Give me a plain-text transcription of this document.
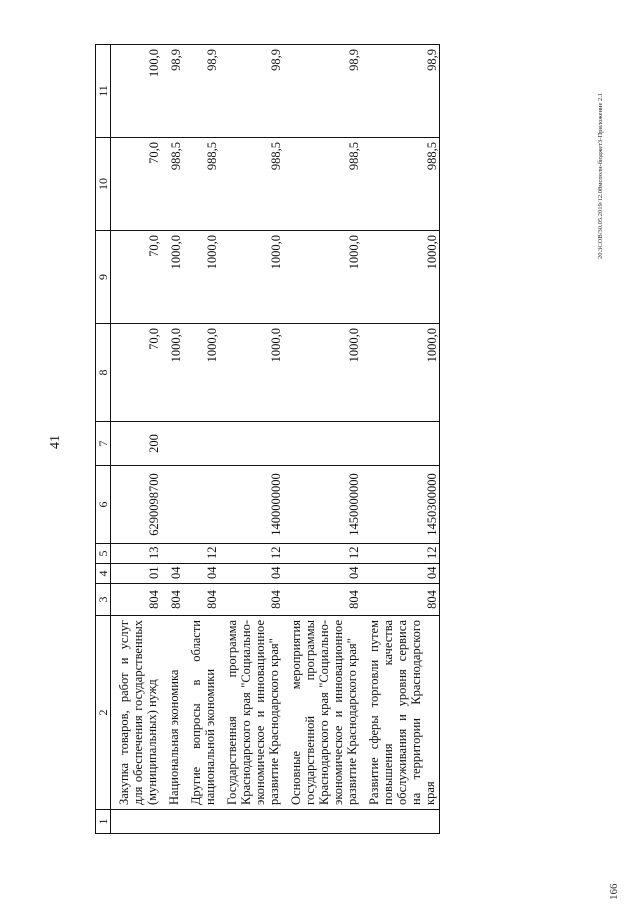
41
1	2	3	4	5	6	7	8	9	10	11
	Закупка товаров, работ и услуг для обеспечения государственных (муниципальных) нужд	804	01	13	6290098700	200	70,0	70,0	70,0	100,0
	Национальная экономика	804	04				1000,0	1000,0	988,5	98,9
	Другие вопросы в области национальной экономики	804	04	12			1000,0	1000,0	988,5	98,9
	Государственная программа Краснодарского края "Социально-экономическое и инновационное развитие Краснодарского края"	804	04	12	1400000000		1000,0	1000,0	988,5	98,9
	Основные мероприятия государственной программы Краснодарского края "Социально-экономическое и инновационное развитие Краснодарского края"	804	04	12	1450000000		1000,0	1000,0	988,5	98,9
	Развитие сферы торговли путем повышения качества обслуживания и уровня сервиса на территории Краснодарского края	804	04	12	1450300000		1000,0	1000,0	988,5	98,9
20.3СОВ/30.05.2019/12.08мсполн-бюджет3-Приложение 2.1
166
